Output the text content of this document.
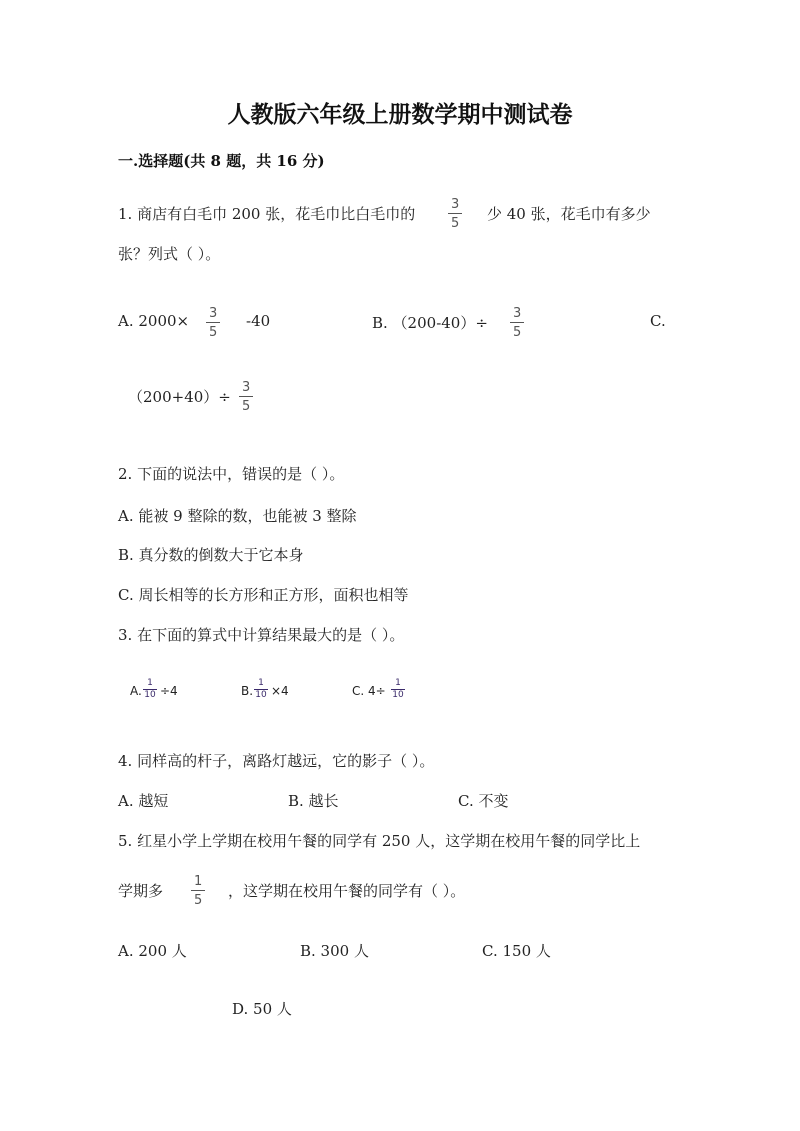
人教版六年级上册数学期中测试卷
一.选择题(共 8 题，共 16 分)
1. 商店有白毛巾 200 张，花毛巾比白毛巾的
3
5
少 40 张，花毛巾有多少
张？列式（ ）。
A. 2000× 3
5
-40	B. （200-40）÷
3
5
C.
（200+40）÷
3
5
2. 下面的说法中，错误的是（ ）。
A. 能被 9 整除的数，也能被 3 整除
B. 真分数的倒数大于它本身
C. 周长相等的长方形和正方形，面积也相等
3. 在下面的算式中计算结果最大的是（ ）。
A.
1
10 ÷4	B.
1
10 ×4	C. 4÷
1
10
4. 同样高的杆子，离路灯越远，它的影子（ ）。
A. 越短	B. 越长	C. 不变
5. 红星小学上学期在校用午餐的同学有 250 人，这学期在校用午餐的同学比上
学期多
1
5
，这学期在校用午餐的同学有（ ）。
A. 200 人	B. 300 人	C. 150 人
D. 50 人
